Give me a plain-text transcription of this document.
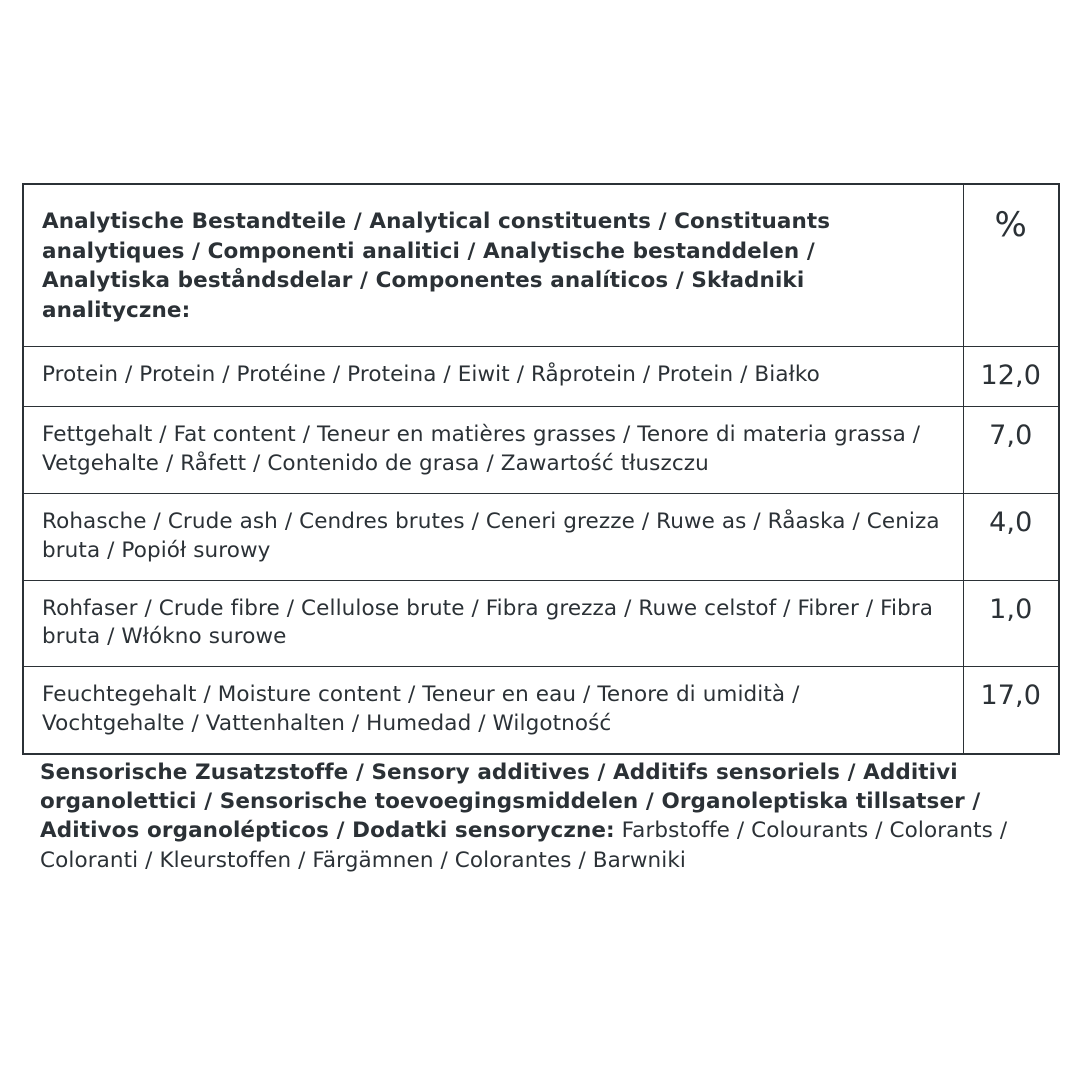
Analytische Bestandteile / Analytical constituents / Constituants analytiques / Componenti analitici / Analytische bestanddelen / Analytiska beståndsdelar / Componentes analíticos / Składniki analityczne:	%
Protein / Protein / Protéine / Proteina / Eiwit / Råprotein / Protein / Białko	12,0
Fettgehalt / Fat content / Teneur en matières grasses / Tenore di materia grassa / Vetgehalte / Råfett / Contenido de grasa / Zawartość tłuszczu	7,0
Rohasche / Crude ash / Cendres brutes / Ceneri grezze / Ruwe as / Råaska / Ceniza bruta / Popiół surowy	4,0
Rohfaser / Crude fibre / Cellulose brute / Fibra grezza / Ruwe celstof / Fibrer / Fibra bruta / Włókno surowe	1,0
Feuchtegehalt / Moisture content / Teneur en eau / Tenore di umidità / Vochtgehalte / Vattenhalten / Humedad / Wilgotność	17,0
Sensorische Zusatzstoffe / Sensory additives / Additifs sensoriels / Additivi organolettici / Sensorische toevoegingsmiddelen / Organoleptiska tillsatser / Aditivos organolépticos / Dodatki sensoryczne: Farbstoffe / Colourants / Colorants / Coloranti / Kleurstoffen / Färgämnen / Colorantes / Barwniki
